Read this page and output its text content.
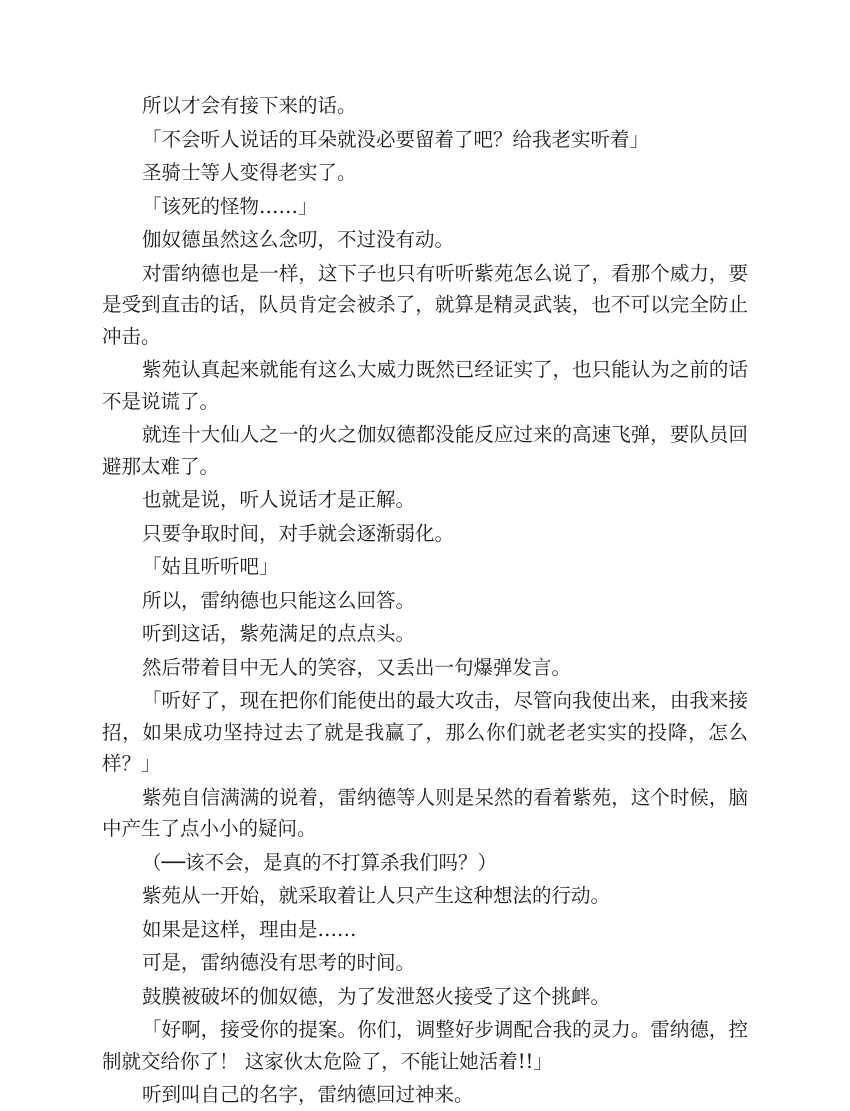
所以才会有接下来的话。

「不会听人说话的耳朵就没必要留着了吧？给我老实听着」

圣骑士等人变得老实了。

「该死的怪物……」

伽奴德虽然这么念叨，不过没有动。

对雷纳德也是一样，这下子也只有听听紫苑怎么说了，看那个威力，要是受到直击的话，队员肯定会被杀了，就算是精灵武装，也不可以完全防止冲击。

紫苑认真起来就能有这么大威力既然已经证实了，也只能认为之前的话不是说谎了。

就连十大仙人之一的火之伽奴德都没能反应过来的高速飞弹，要队员回避那太难了。

也就是说，听人说话才是正解。

只要争取时间，对手就会逐渐弱化。

「姑且听听吧」

所以，雷纳德也只能这么回答。

听到这话，紫苑满足的点点头。

然后带着目中无人的笑容，又丢出一句爆弹发言。

「听好了，现在把你们能使出的最大攻击，尽管向我使出来，由我来接招，如果成功坚持过去了就是我赢了，那么你们就老老实实的投降，怎么样？」

紫苑自信满满的说着，雷纳德等人则是呆然的看着紫苑，这个时候，脑中产生了点小小的疑问。

（──该不会，是真的不打算杀我们吗？）

紫苑从一开始，就采取着让人只产生这种想法的行动。

如果是这样，理由是……

可是，雷纳德没有思考的时间。

鼓膜被破坏的伽奴德，为了发泄怒火接受了这个挑衅。

「好啊，接受你的提案。你们，调整好步调配合我的灵力。雷纳德，控制就交给你了！ 这家伙太危险了，不能让她活着!!」

听到叫自己的名字，雷纳德回过神来。
